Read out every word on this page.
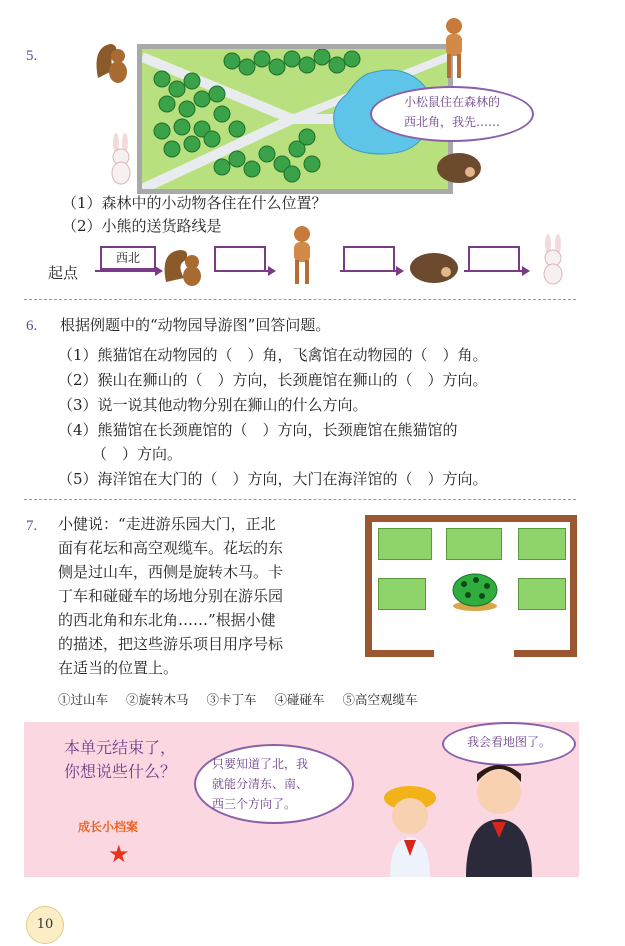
5.
小松鼠住在森林的
西北角，我先……
（1）森林中的小动物各住在什么位置？
（2）小熊的送货路线是
起点
西北
6. 根据例题中的“动物园导游图”回答问题。
（1）熊猫馆在动物园的（　）角，飞禽馆在动物园的（　）角。
（2）猴山在狮山的（　）方向，长颈鹿馆在狮山的（　）方向。
（3）说一说其他动物分别在狮山的什么方向。
（4）熊猫馆在长颈鹿馆的（　）方向，长颈鹿馆在熊猫馆的
（　）方向。
（5）海洋馆在大门的（　）方向，大门在海洋馆的（　）方向。
7. 小健说：“走进游乐园大门，正北
面有花坛和高空观缆车。花坛的东
侧是过山车，西侧是旋转木马。卡
丁车和碰碰车的场地分别在游乐园
的西北角和东北角……”根据小健
的描述，把这些游乐项目用序号标
在适当的位置上。
①过山车 ②旋转木马 ③卡丁车 ④碰碰车 ⑤高空观缆车
本单元结束了，
你想说些什么？
成长小档案
★
只要知道了北，我
就能分清东、南、
西三个方向了。
我会看地图了。
10
